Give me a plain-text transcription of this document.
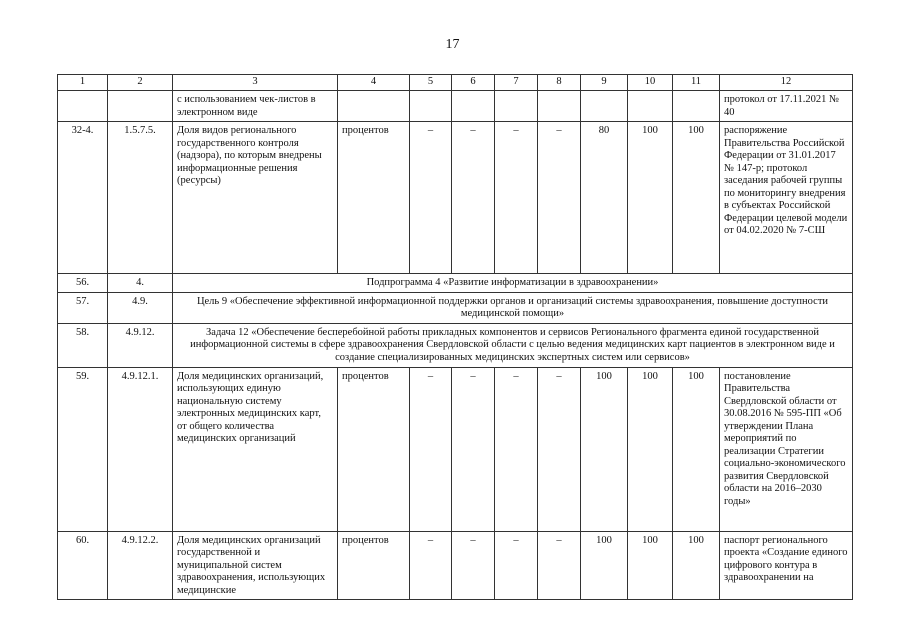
17
1	2	3	4	5	6	7	8	9	10	11	12
		с использованием чек-листов в электронном виде									протокол от 17.11.2021 № 40
32-4.	1.5.7.5.	Доля видов регионального государственного контроля (надзора), по которым внедрены информационные решения (ресурсы)	процентов	–	–	–	–	80	100	100	распоряжение Правительства Российской Федерации от 31.01.2017 № 147-р; протокол заседания рабочей группы по мониторингу внедрения в субъектах Российской Федерации целевой модели от 04.02.2020 № 7-СШ
56.	4.	Подпрограмма 4 «Развитие информатизации в здравоохранении»									
57.	4.9.	Цель 9 «Обеспечение эффективной информационной поддержки органов и организаций системы здравоохранения, повышение доступности медицинской помощи»									
58.	4.9.12.	Задача 12 «Обеспечение бесперебойной работы прикладных компонентов и сервисов Регионального фрагмента единой государственной информационной системы в сфере здравоохранения Свердловской области с целью ведения медицинских карт пациентов в электронном виде и создание специализированных медицинских экспертных систем или сервисов»									
59.	4.9.12.1.	Доля медицинских организаций, использующих единую национальную систему электронных медицинских карт, от общего количества медицинских организаций	процентов	–	–	–	–	100	100	100	постановление Правительства Свердловской области от 30.08.2016 № 595-ПП «Об утверждении Плана мероприятий по реализации Стратегии социально-экономического развития Свердловской области на 2016–2030 годы»
60.	4.9.12.2.	Доля медицинских организаций государственной и муниципальной систем здравоохранения, использующих медицинские	процентов	–	–	–	–	100	100	100	паспорт регионального проекта «Создание единого цифрового контура в здравоохранении на
